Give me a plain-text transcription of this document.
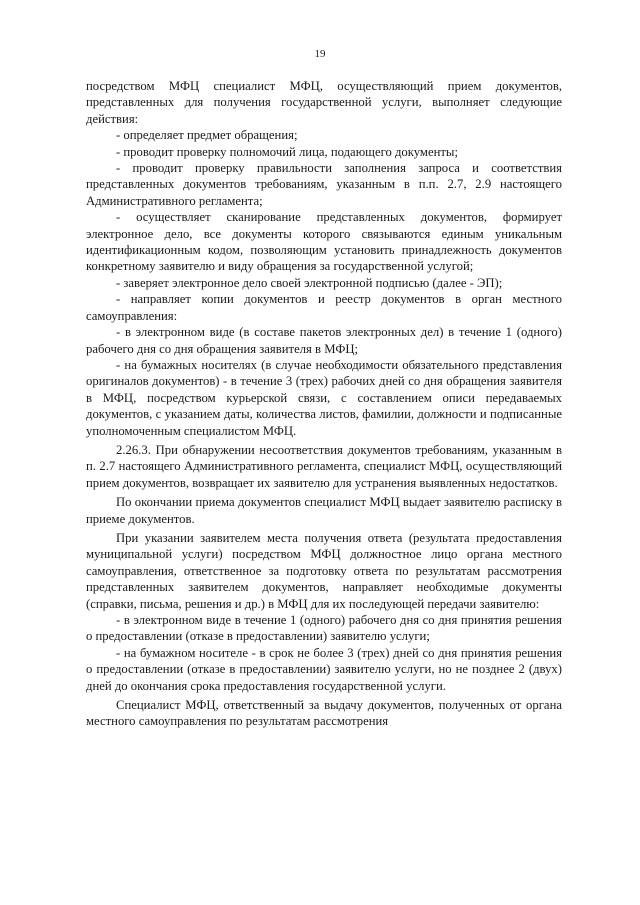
19

посредством МФЦ специалист МФЦ, осуществляющий прием документов, представленных для получения государственной услуги, выполняет следующие действия:

- определяет предмет обращения;

- проводит проверку полномочий лица, подающего документы;

- проводит проверку правильности заполнения запроса и соответствия представленных документов требованиям, указанным в п.п. 2.7, 2.9 настоящего Административного регламента;

- осуществляет сканирование представленных документов, формирует электронное дело, все документы которого связываются единым уникальным идентификационным кодом, позволяющим установить принадлежность документов конкретному заявителю и виду обращения за государственной услугой;

- заверяет электронное дело своей электронной подписью (далее - ЭП);

- направляет копии документов и реестр документов в орган местного самоуправления:

- в электронном виде (в составе пакетов электронных дел) в течение 1 (одного) рабочего дня со дня обращения заявителя в МФЦ;

- на бумажных носителях (в случае необходимости обязательного представления оригиналов документов) - в течение 3 (трех) рабочих дней со дня обращения заявителя в МФЦ, посредством курьерской связи, с составлением описи передаваемых документов, с указанием даты, количества листов, фамилии, должности и подписанные уполномоченным специалистом МФЦ.

2.26.3. При обнаружении несоответствия документов требованиям, указанным в п. 2.7 настоящего Административного регламента, специалист МФЦ, осуществляющий прием документов, возвращает их заявителю для устранения выявленных недостатков.

По окончании приема документов специалист МФЦ выдает заявителю расписку в приеме документов.

При указании заявителем места получения ответа (результата предоставления муниципальной услуги) посредством МФЦ должностное лицо органа местного самоуправления, ответственное за подготовку ответа по результатам рассмотрения представленных заявителем документов, направляет необходимые документы (справки, письма, решения и др.) в МФЦ для их последующей передачи заявителю:

- в электронном виде в течение 1 (одного) рабочего дня со дня принятия решения о предоставлении (отказе в предоставлении) заявителю услуги;

- на бумажном носителе - в срок не более 3 (трех) дней со дня принятия решения о предоставлении (отказе в предоставлении) заявителю услуги, но не позднее 2 (двух) дней до окончания срока предоставления государственной услуги.

Специалист МФЦ, ответственный за выдачу документов, полученных от органа местного самоуправления по результатам рассмотрения
